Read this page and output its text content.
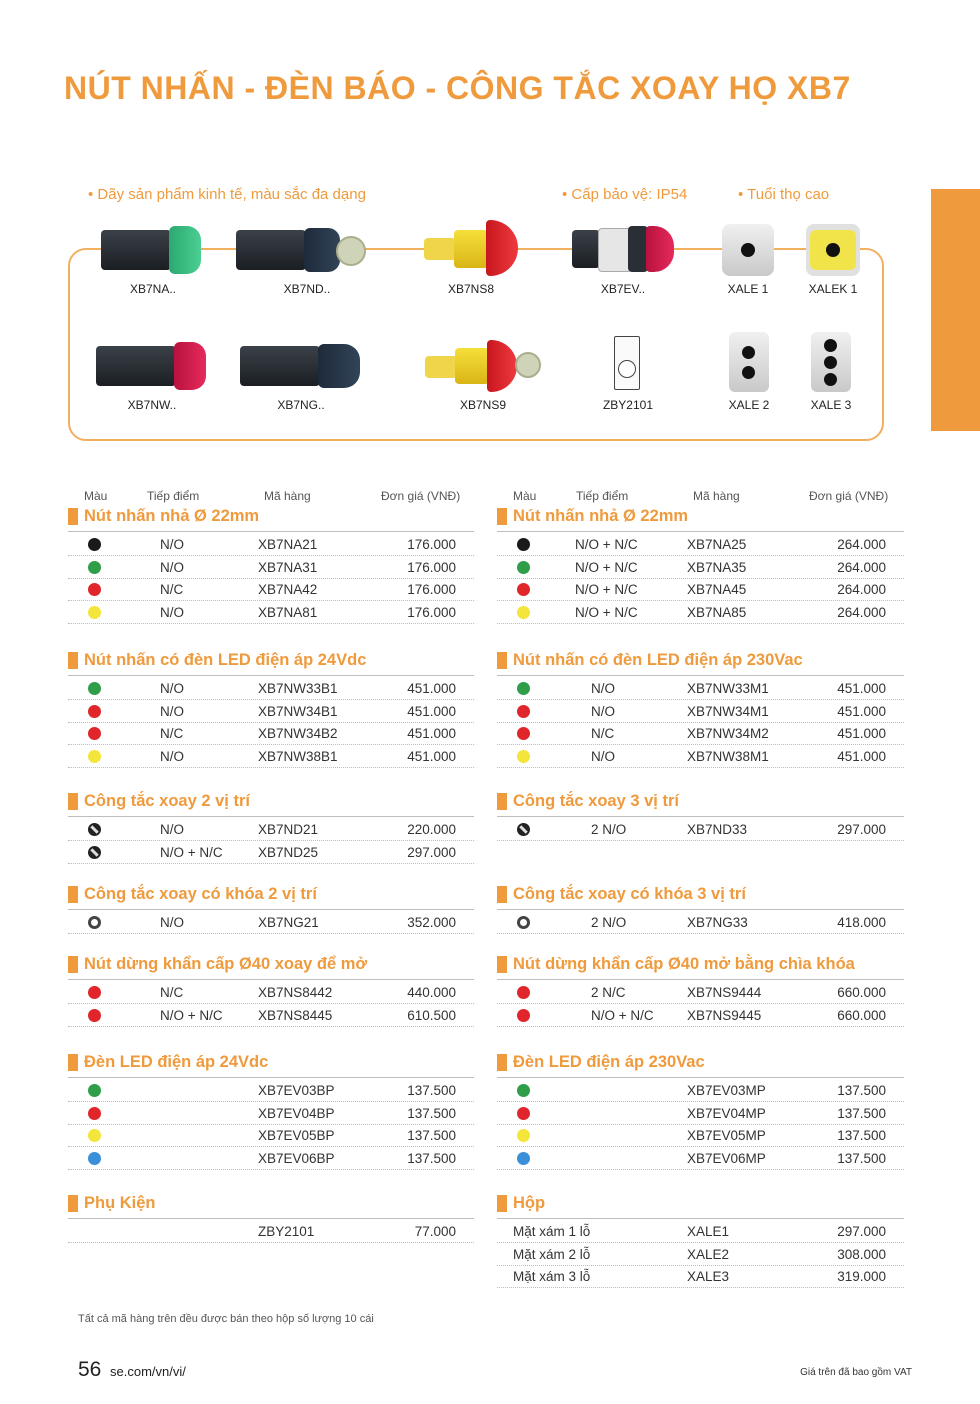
NÚT NHẤN - ĐÈN BÁO - CÔNG TẮC XOAY HỌ XB7
• Dãy sản phẩm kinh tế, màu sắc đa dạng	• Cấp bảo vệ: IP54	• Tuổi thọ cao
XB7NA..	XB7ND..	XB7NS8	XB7EV..	XALE 1	XALEK 1
XB7NW..	XB7NG..	XB7NS9	ZBY2101	XALE 2	XALE 3
Màu	Tiếp điểm	Mã hàng	Đơn giá (VNĐ)	Màu	Tiếp điểm	Mã hàng	Đơn giá (VNĐ)
Nút nhấn nhả Ø 22mm
N/O	XB7NA21	176.000
N/O	XB7NA31	176.000
N/C	XB7NA42	176.000
N/O	XB7NA81	176.000
Nút nhấn nhả Ø 22mm
N/O + N/C	XB7NA25	264.000
N/O + N/C	XB7NA35	264.000
N/O + N/C	XB7NA45	264.000
N/O + N/C	XB7NA85	264.000
Nút nhấn có đèn LED điện áp 24Vdc
N/O	XB7NW33B1	451.000
N/O	XB7NW34B1	451.000
N/C	XB7NW34B2	451.000
N/O	XB7NW38B1	451.000
Nút nhấn có đèn LED điện áp 230Vac
N/O	XB7NW33M1	451.000
N/O	XB7NW34M1	451.000
N/C	XB7NW34M2	451.000
N/O	XB7NW38M1	451.000
Công tắc xoay 2 vị trí
N/O	XB7ND21	220.000
N/O + N/C	XB7ND25	297.000
Công tắc xoay 3 vị trí
2 N/O	XB7ND33	297.000
Công tắc xoay có khóa 2 vị trí
N/O	XB7NG21	352.000
Công tắc xoay có khóa 3 vị trí
2 N/O	XB7NG33	418.000
Nút dừng khẩn cấp Ø40 xoay để mở
N/C	XB7NS8442	440.000
N/O + N/C	XB7NS8445	610.500
Nút dừng khẩn cấp Ø40 mở bằng chìa khóa
2 N/C	XB7NS9444	660.000
N/O + N/C XB7NS9445	660.000
Đèn LED điện áp 24Vdc
XB7EV03BP	137.500
XB7EV04BP	137.500
XB7EV05BP	137.500
XB7EV06BP	137.500
Đèn LED điện áp 230Vac
XB7EV03MP	137.500
XB7EV04MP	137.500
XB7EV05MP	137.500
XB7EV06MP	137.500
Phụ Kiện
ZBY2101	77.000
Hộp
Mặt xám 1 lỗ	XALE1	297.000
Mặt xám 2 lỗ	XALE2	308.000
Mặt xám 3 lỗ	XALE3	319.000
Tất cả mã hàng trên đều được bán theo hộp số lượng 10 cái
56 se.com/vn/vi/	Giá trên đã bao gồm VAT
